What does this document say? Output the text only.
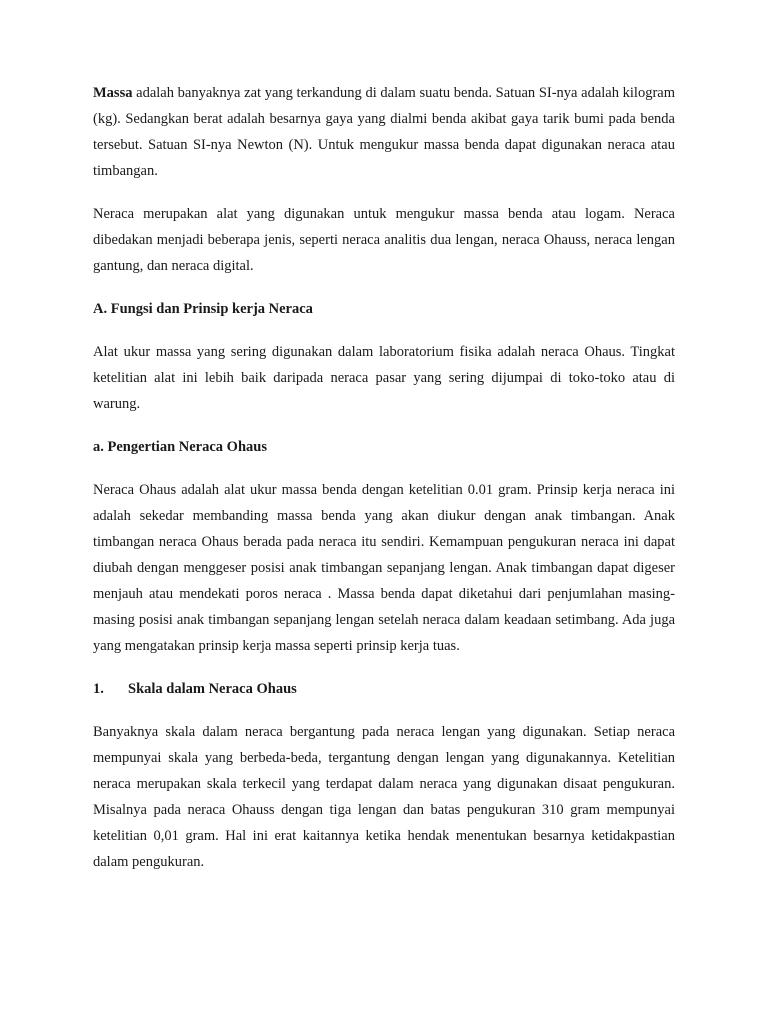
Massa adalah banyaknya zat yang terkandung di dalam suatu benda. Satuan SI-nya adalah kilogram (kg). Sedangkan berat adalah besarnya gaya yang dialmi benda akibat gaya tarik bumi pada benda tersebut. Satuan SI-nya Newton (N). Untuk mengukur massa benda dapat digunakan neraca atau timbangan.

Neraca merupakan alat yang digunakan untuk mengukur massa benda atau logam. Neraca dibedakan menjadi beberapa jenis, seperti neraca analitis dua lengan, neraca Ohauss, neraca lengan gantung, dan neraca digital.

A. Fungsi dan Prinsip kerja Neraca

Alat ukur massa yang sering digunakan dalam laboratorium fisika adalah neraca Ohaus. Tingkat ketelitian alat ini lebih baik daripada neraca pasar yang sering dijumpai di toko-toko atau di warung.

a. Pengertian Neraca Ohaus

Neraca Ohaus adalah alat ukur massa benda dengan ketelitian 0.01 gram. Prinsip kerja neraca ini adalah sekedar membanding massa benda yang akan diukur dengan anak timbangan. Anak timbangan neraca Ohaus berada pada neraca itu sendiri. Kemampuan pengukuran neraca ini dapat diubah dengan menggeser posisi anak timbangan sepanjang lengan. Anak timbangan dapat digeser menjauh atau mendekati poros neraca . Massa benda dapat diketahui dari penjumlahan masing-masing posisi anak timbangan sepanjang lengan setelah neraca dalam keadaan setimbang. Ada juga yang mengatakan prinsip kerja massa seperti prinsip kerja tuas.

1.	Skala dalam Neraca Ohaus

Banyaknya skala dalam neraca bergantung pada neraca lengan yang digunakan. Setiap neraca mempunyai skala yang berbeda-beda, tergantung dengan lengan yang digunakannya. Ketelitian neraca merupakan skala terkecil yang terdapat dalam neraca yang digunakan disaat pengukuran. Misalnya pada neraca Ohauss dengan tiga lengan dan batas pengukuran 310 gram mempunyai ketelitian 0,01 gram. Hal ini erat kaitannya ketika hendak menentukan besarnya ketidakpastian dalam pengukuran.
